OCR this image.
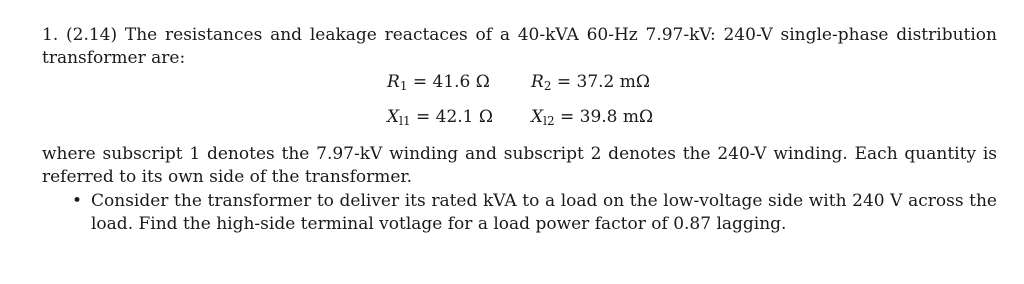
1. (2.14) The resistances and leakage reactaces of a 40-kVA 60-Hz 7.97-kV: 240-V single-phase distribution
transformer are:
$R_1 = 41.6$ Ω $R_2 = 37.2$ mΩ
$X_{l1} = 42.1$ Ω $X_{l2} = 39.8$ mΩ
where subscript 1 denotes the 7.97-kV winding and subscript 2 denotes the 240-V winding. Each quantity is
referred to its own side of the transformer.
• Consider the transformer to deliver its rated kVA to a load on the low-voltage side with 240 V across the
load. Find the high-side terminal votlage for a load power factor of 0.87 lagging.
